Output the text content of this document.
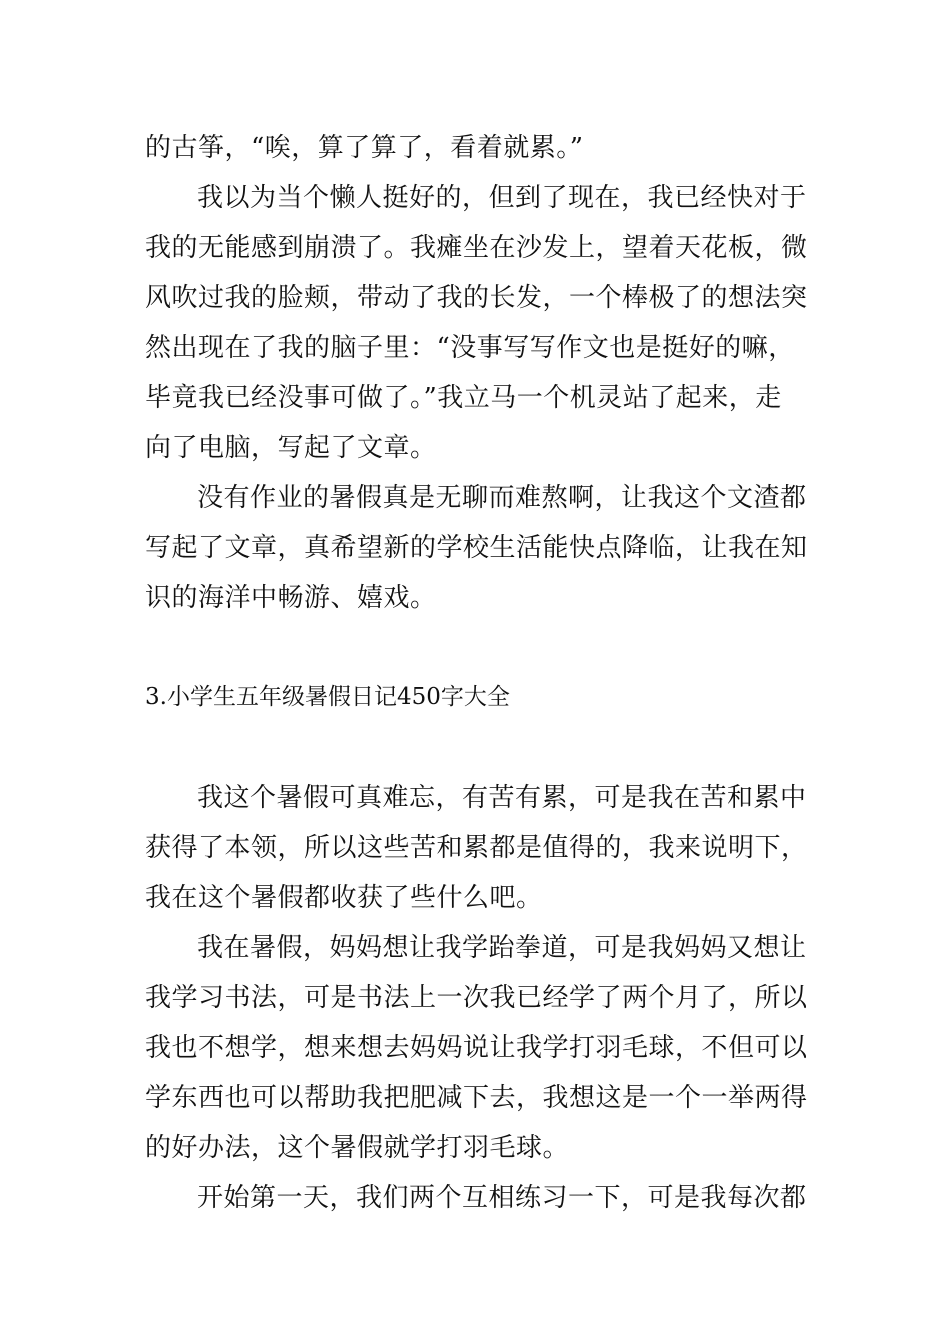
的古筝，“唉，算了算了，看着就累。”
我以为当个懒人挺好的，但到了现在，我已经快对于
我的无能感到崩溃了。我瘫坐在沙发上，望着天花板，微
风吹过我的脸颊，带动了我的长发，一个棒极了的想法突
然出现在了我的脑子里：“没事写写作文也是挺好的嘛，
毕竟我已经没事可做了。”我立马一个机灵站了起来，走
向了电脑，写起了文章。
没有作业的暑假真是无聊而难熬啊，让我这个文渣都
写起了文章，真希望新的学校生活能快点降临，让我在知
识的海洋中畅游、嬉戏。
3.小学生五年级暑假日记450字大全
我这个暑假可真难忘，有苦有累，可是我在苦和累中
获得了本领，所以这些苦和累都是值得的，我来说明下，
我在这个暑假都收获了些什么吧。
我在暑假，妈妈想让我学跆拳道，可是我妈妈又想让
我学习书法，可是书法上一次我已经学了两个月了，所以
我也不想学，想来想去妈妈说让我学打羽毛球，不但可以
学东西也可以帮助我把肥减下去，我想这是一个一举两得
的好办法，这个暑假就学打羽毛球。
开始第一天，我们两个互相练习一下，可是我每次都
